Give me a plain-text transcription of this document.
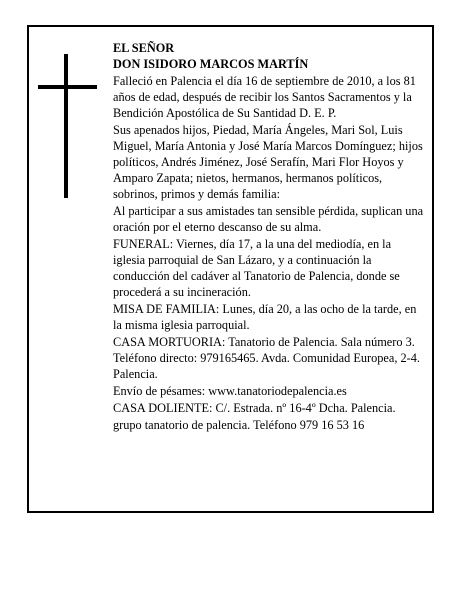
EL SEÑOR

DON ISIDORO MARCOS MARTÍN

Falleció en Palencia el día 16 de septiembre de 2010, a los 81 años de edad, después de recibir los Santos Sacramentos y la Bendición Apostólica de Su Santidad D. E. P.

Sus apenados hijos, Piedad, María Ángeles, Mari Sol, Luis Miguel, María Antonia y José María Marcos Domínguez; hijos políticos, Andrés Jiménez, José Serafín, Mari Flor Hoyos y Amparo Zapata; nietos, hermanos, hermanos políticos, sobrinos, primos y demás familia:

Al participar a sus amistades tan sensible pérdida, suplican una oración por el eterno descanso de su alma.

FUNERAL: Viernes, día 17, a la una del mediodía, en la iglesia parroquial de San Lázaro, y a continuación la conducción del cadáver al Tanatorio de Palencia, donde se procederá a su incineración.

MISA DE FAMILIA: Lunes, día 20, a las ocho de la tarde, en la misma iglesia parroquial.

CASA MORTUORIA: Tanatorio de Palencia. Sala número 3. Teléfono directo: 979165465. Avda. Comunidad Europea, 2-4. Palencia.

Envío de pésames: www.tanatoriodepalencia.es

CASA DOLIENTE: C/. Estrada. nº 16-4º Dcha. Palencia.

grupo tanatorio de palencia. Teléfono 979 16 53 16
